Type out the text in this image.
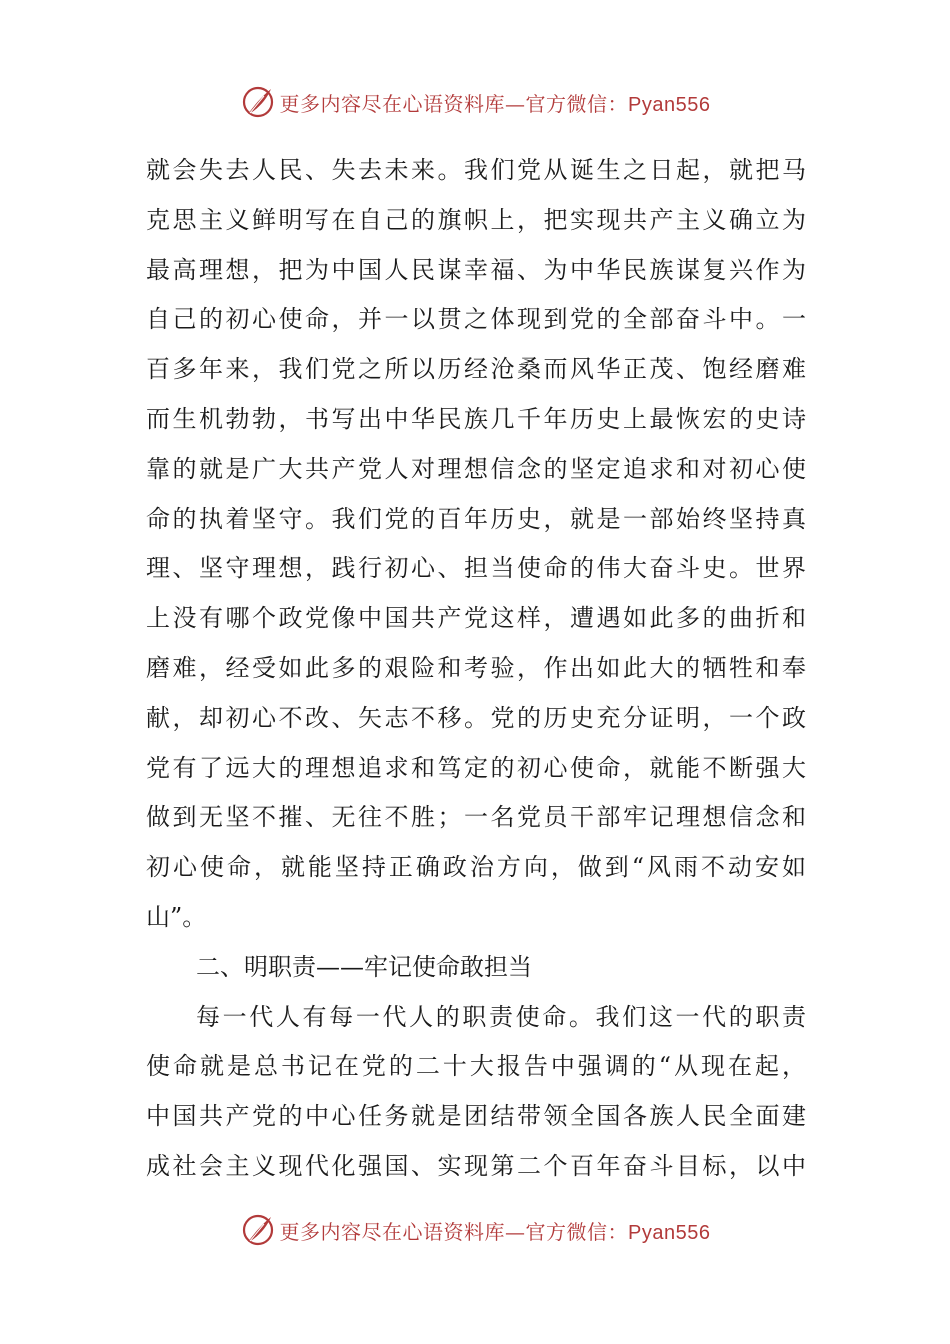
更多内容尽在心语资料库—官方微信：Pyan556
就会失去人民、失去未来。我们党从诞生之日起，就把马
克思主义鲜明写在自己的旗帜上，把实现共产主义确立为
最高理想，把为中国人民谋幸福、为中华民族谋复兴作为
自己的初心使命，并一以贯之体现到党的全部奋斗中。一
百多年来，我们党之所以历经沧桑而风华正茂、饱经磨难
而生机勃勃，书写出中华民族几千年历史上最恢宏的史诗
靠的就是广大共产党人对理想信念的坚定追求和对初心使
命的执着坚守。我们党的百年历史，就是一部始终坚持真
理、坚守理想，践行初心、担当使命的伟大奋斗史。世界
上没有哪个政党像中国共产党这样，遭遇如此多的曲折和
磨难，经受如此多的艰险和考验，作出如此大的牺牲和奉
献，却初心不改、矢志不移。党的历史充分证明，一个政
党有了远大的理想追求和笃定的初心使命，就能不断强大
做到无坚不摧、无往不胜；一名党员干部牢记理想信念和
初心使命，就能坚持正确政治方向，做到“风雨不动安如
山”。
二、明职责——牢记使命敢担当
每一代人有每一代人的职责使命。我们这一代的职责
使命就是总书记在党的二十大报告中强调的“从现在起，
中国共产党的中心任务就是团结带领全国各族人民全面建
成社会主义现代化强国、实现第二个百年奋斗目标，以中
更多内容尽在心语资料库—官方微信：Pyan556
